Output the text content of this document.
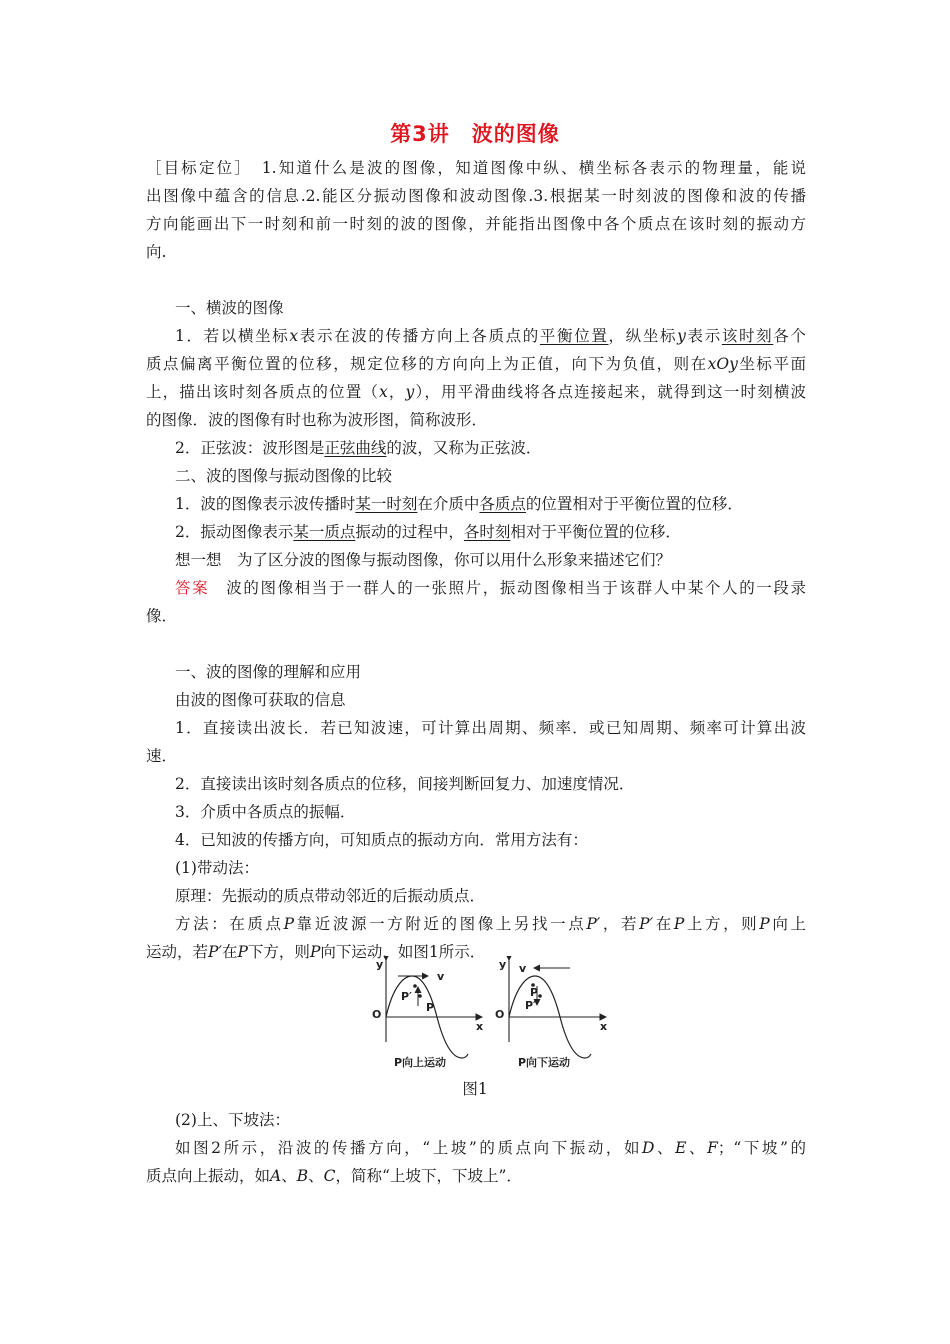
第3讲　波的图像
［目标定位］　1.知道什么是波的图像，知道图像中纵、横坐标各表示的物理量，能说
出图像中蕴含的信息.2.能区分振动图像和波动图像.3.根据某一时刻波的图像和波的传播
方向能画出下一时刻和前一时刻的波的图像，并能指出图像中各个质点在该时刻的振动方
向.
一、横波的图像
1．若以横坐标x表示在波的传播方向上各质点的平衡位置，纵坐标y表示该时刻各个
质点偏离平衡位置的位移，规定位移的方向向上为正值，向下为负值，则在xOy坐标平面
上，描出该时刻各质点的位置（x，y），用平滑曲线将各点连接起来，就得到这一时刻横波
的图像．波的图像有时也称为波形图，简称波形．
2．正弦波：波形图是正弦曲线的波，又称为正弦波．
二、波的图像与振动图像的比较
1．波的图像表示波传播时某一时刻在介质中各质点的位置相对于平衡位置的位移．
2．振动图像表示某一质点振动的过程中，各时刻相对于平衡位置的位移．
想一想　为了区分波的图像与振动图像，你可以用什么形象来描述它们？
答案　波的图像相当于一群人的一张照片，振动图像相当于该群人中某个人的一段录
像．
一、波的图像的理解和应用
由波的图像可获取的信息
1．直接读出波长．若已知波速，可计算出周期、频率．或已知周期、频率可计算出波
速．
2．直接读出该时刻各质点的位移，间接判断回复力、加速度情况．
3．介质中各质点的振幅．
4．已知波的传播方向，可知质点的振动方向．常用方法有：
(1)带动法：
原理：先振动的质点带动邻近的后振动质点．
方法：在质点P靠近波源一方附近的图像上另找一点P′，若P′在P上方，则P向上
运动，若P′在P下方，则P向下运动．如图1所示．
y
O
x
v
P′
P
P向上运动
y
O
x
v
P
P′
P向下运动
图1
(2)上、下坡法：
如图2所示，沿波的传播方向，“上坡”的质点向下振动，如D、E、F；“下坡”的
质点向上振动，如A、B、C，简称“上坡下，下坡上”．
